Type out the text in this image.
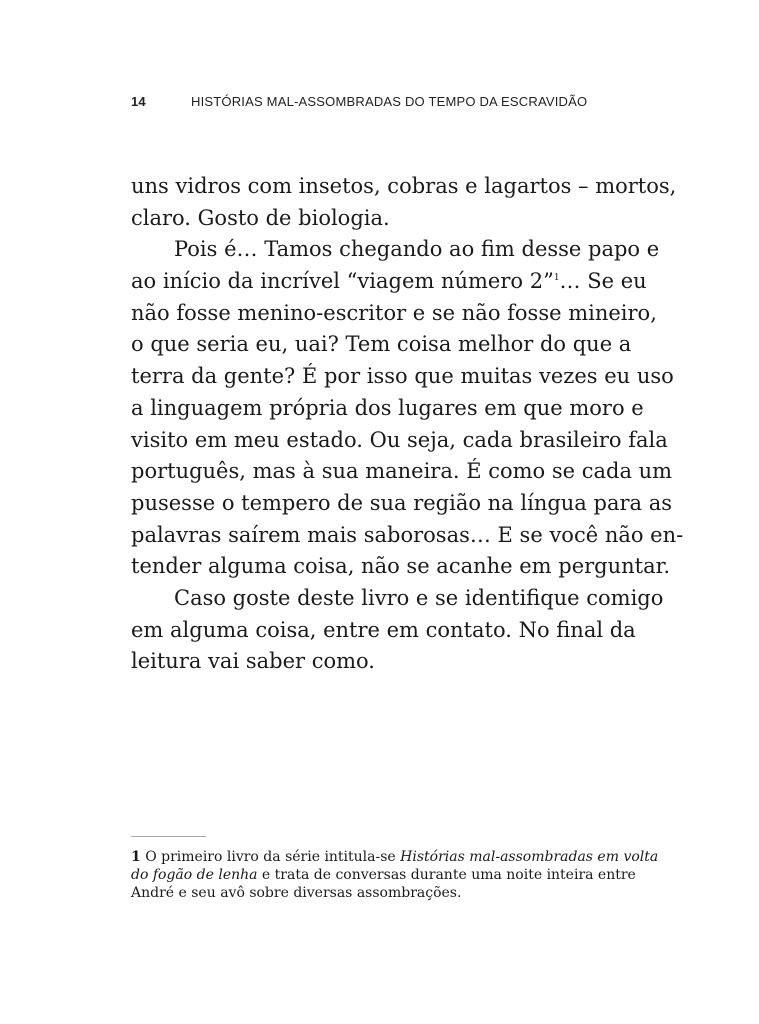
14	HISTÓRIAS MAL-ASSOMBRADAS DO TEMPO DA ESCRAVIDÃO
uns vidros com insetos, cobras e lagartos – mortos,
claro. Gosto de biologia.
Pois é… Tamos chegando ao fim desse papo e
ao início da incrível “viagem número 2”$^1$… Se eu
não fosse menino-escritor e se não fosse mineiro,
o que seria eu, uai? Tem coisa melhor do que a
terra da gente? É por isso que muitas vezes eu uso
a linguagem própria dos lugares em que moro e
visito em meu estado. Ou seja, cada brasileiro fala
português, mas à sua maneira. É como se cada um
pusesse o tempero de sua região na língua para as
palavras saírem mais saborosas… E se você não en-
tender alguma coisa, não se acanhe em perguntar.
Caso goste deste livro e se identifique comigo
em alguma coisa, entre em contato. No final da
leitura vai saber como.
1 O primeiro livro da série intitula-se Histórias mal-assombradas em volta
do fogão de lenha e trata de conversas durante uma noite inteira entre
André e seu avô sobre diversas assombrações.
